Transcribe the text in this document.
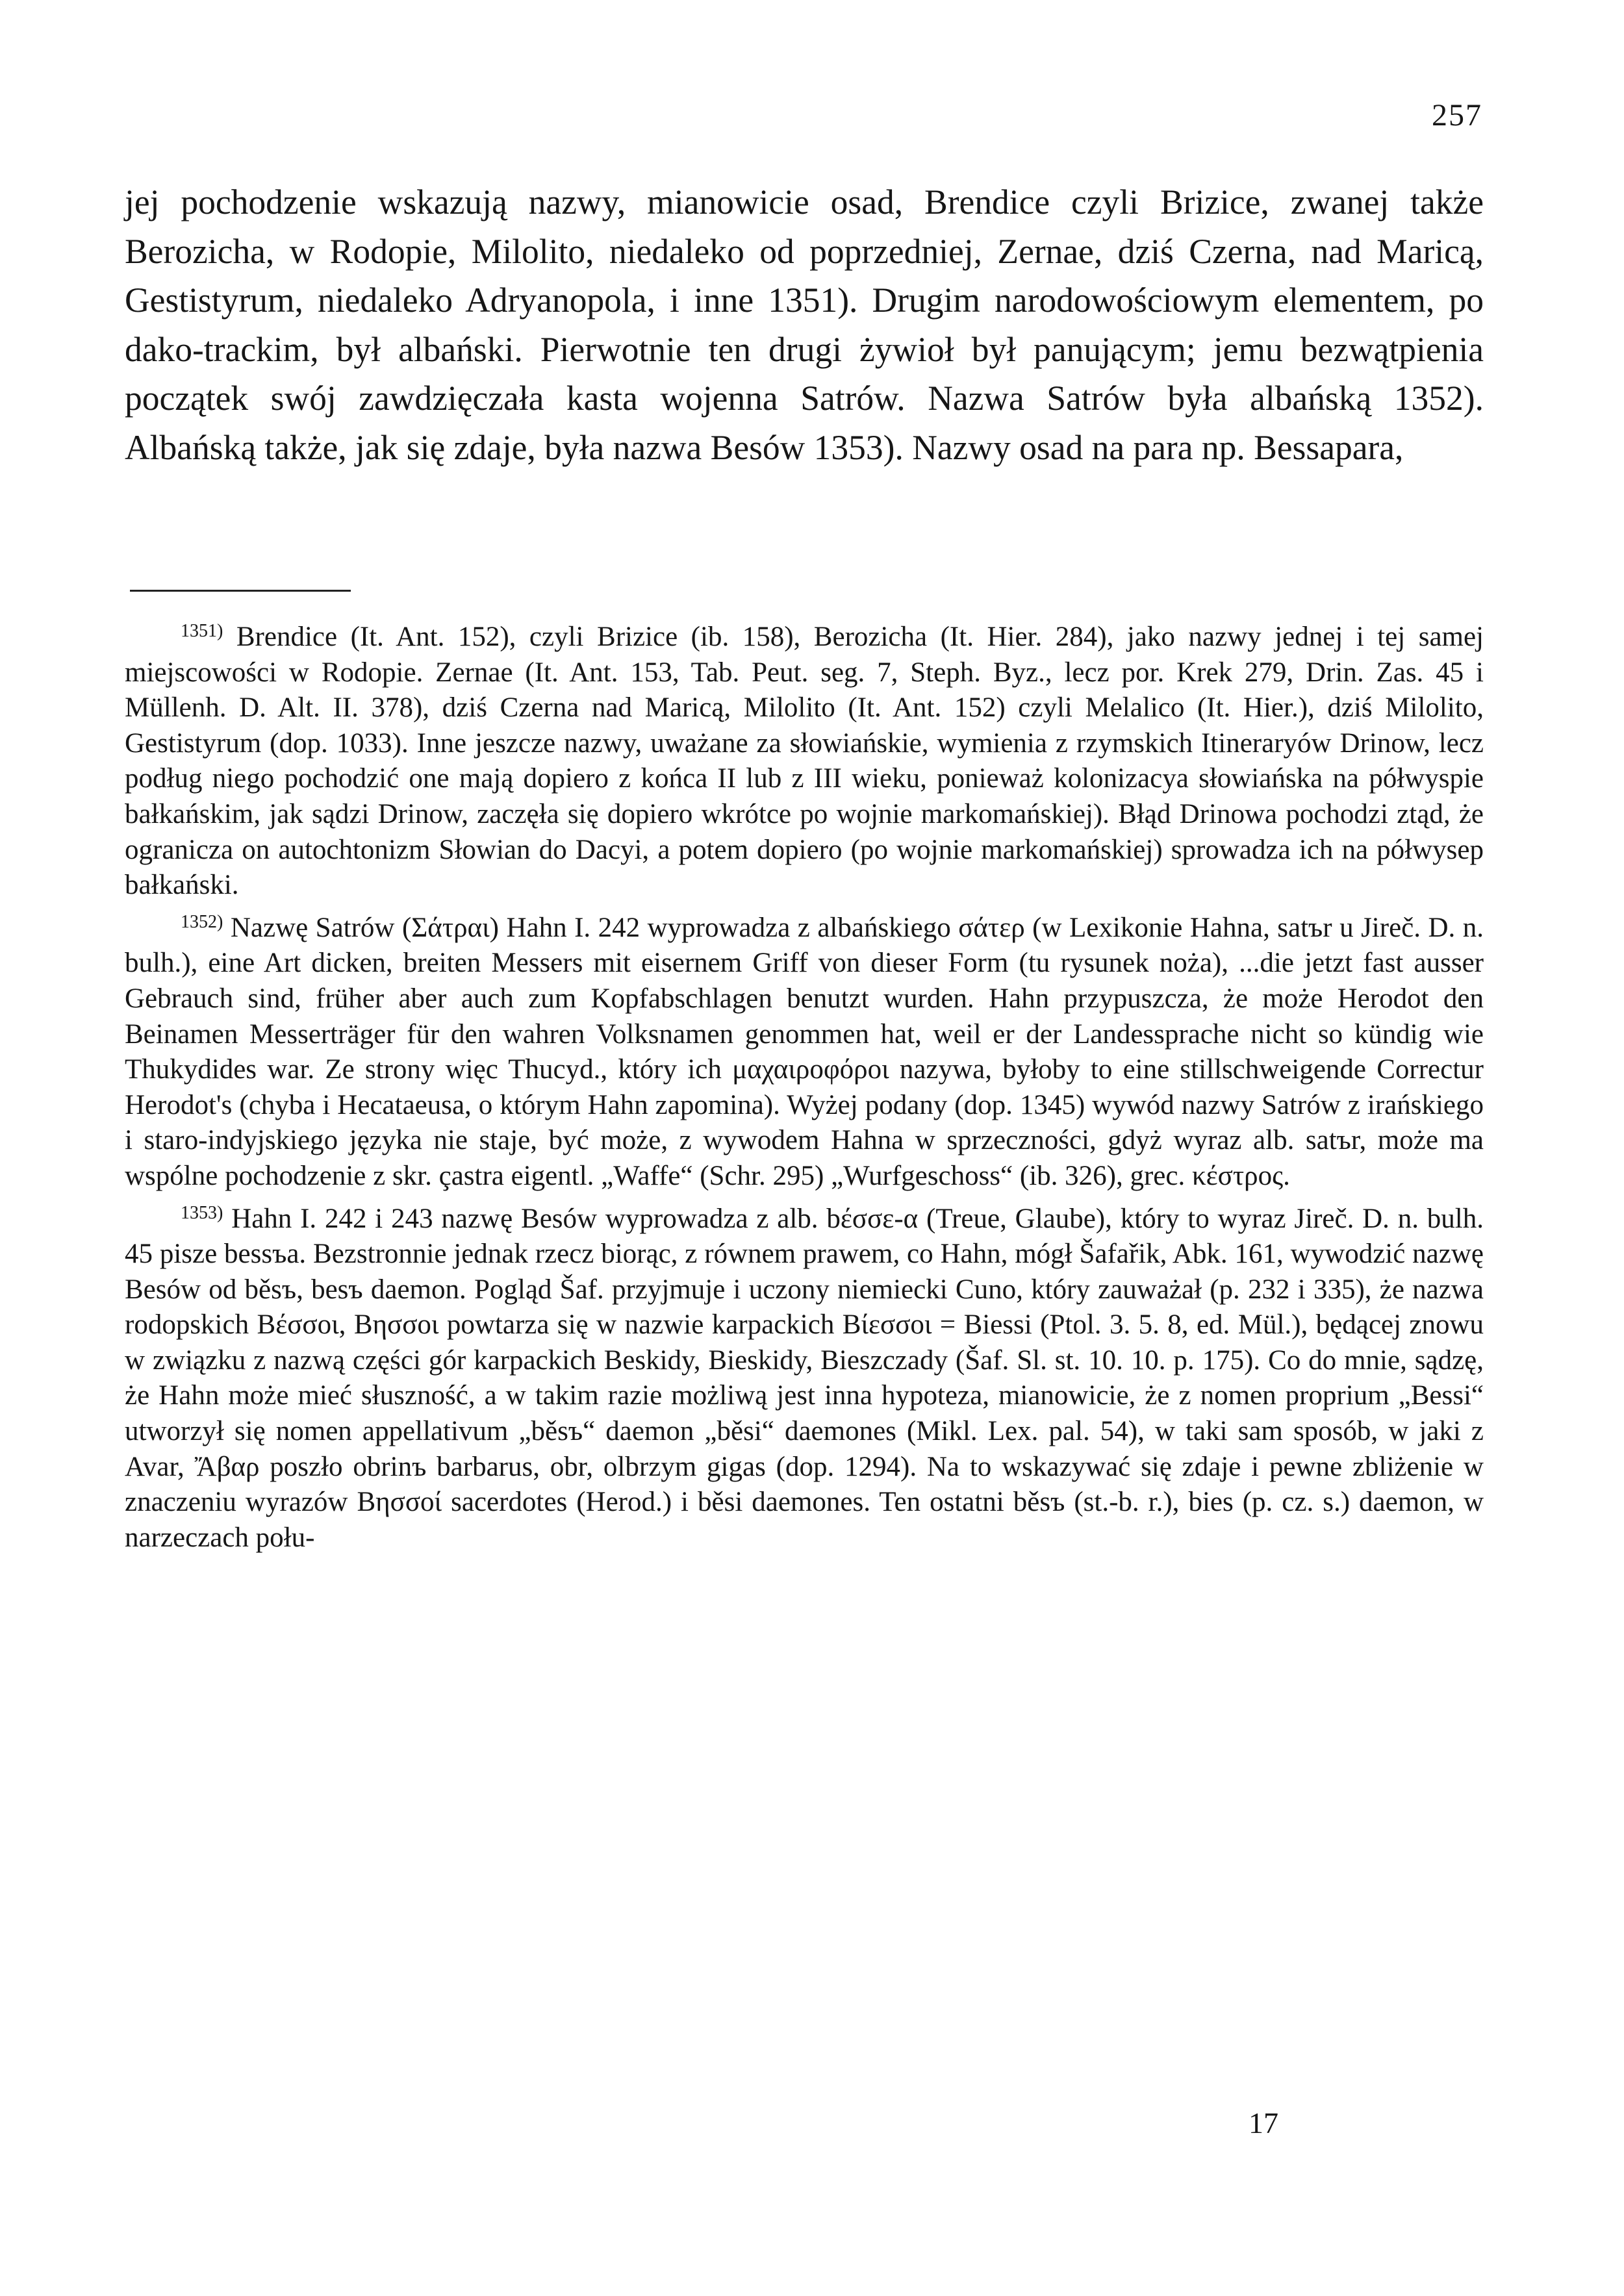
257

jej pochodzenie wskazują nazwy, mianowicie osad, Brendice czyli Brizice, zwanej także Berozicha, w Rodopie, Milolito, niedaleko od poprzedniej, Zernae, dziś Czerna, nad Maricą, Gestistyrum, niedaleko Adryanopola, i inne 1351). Drugim narodowościowym elementem, po dako-trackim, był albański. Pierwotnie ten drugi żywioł był panującym; jemu bezwątpienia początek swój zawdzięczała kasta wojenna Satrów. Nazwa Satrów była albańską 1352). Albańską także, jak się zdaje, była nazwa Besów 1353). Nazwy osad na para np. Bessapara,

$^{1351)}$ Brendice (It. Ant. 152), czyli Brizice (ib. 158), Berozicha (It. Hier. 284), jako nazwy jednej i tej samej miejscowości w Rodopie. Zernae (It. Ant. 153, Tab. Peut. seg. 7, Steph. Byz., lecz por. Krek 279, Drin. Zas. 45 i Müllenh. D. Alt. II. 378), dziś Czerna nad Maricą, Milolito (It. Ant. 152) czyli Melalico (It. Hier.), dziś Milolito, Gestistyrum (dop. 1033). Inne jeszcze nazwy, uważane za słowiańskie, wymienia z rzymskich Itineraryów Drinow, lecz podług niego pochodzić one mają dopiero z końca II lub z III wieku, ponieważ kolonizacya słowiańska na półwyspie bałkańskim, jak sądzi Drinow, zaczęła się dopiero wkrótce po wojnie markomańskiej). Błąd Drinowa pochodzi ztąd, że ogranicza on autochtonizm Słowian do Dacyi, a potem dopiero (po wojnie markomańskiej) sprowadza ich na półwysep bałkański.

$^{1352)}$ Nazwę Satrów (Σάτραι) Hahn I. 242 wyprowadza z albańskiego σάτερ (w Lexikonie Hahna, satъr u Jireč. D. n. bulh.), eine Art dicken, breiten Messers mit eisernem Griff von dieser Form (tu rysunek noża), ...die jetzt fast ausser Gebrauch sind, früher aber auch zum Kopfabschlagen benutzt wurden. Hahn przypuszcza, że może Herodot den Beinamen Messerträger für den wahren Volksnamen genommen hat, weil er der Landessprache nicht so kündig wie Thukydides war. Ze strony więc Thucyd., który ich μαχαιροφόροι nazywa, byłoby to eine stillschweigende Correctur Herodot's (chyba i Hecataeusa, o którym Hahn zapomina). Wyżej podany (dop. 1345) wywód nazwy Satrów z irańskiego i staro-indyjskiego języka nie staje, być może, z wywodem Hahna w sprzeczności, gdyż wyraz alb. satъr, może ma wspólne pochodzenie z skr. çastra eigentl. „Waffe“ (Schr. 295) „Wurfgeschoss“ (ib. 326), grec. κέστρος.

$^{1353)}$ Hahn I. 242 i 243 nazwę Besów wyprowadza z alb. bέσσε-α (Treue, Glaube), który to wyraz Jireč. D. n. bulh. 45 pisze bessъa. Bezstronnie jednak rzecz biorąc, z równem prawem, co Hahn, mógł Šafařik, Abk. 161, wywodzić nazwę Besów od běsъ, besъ daemon. Pogląd Šaf. przyjmuje i uczony niemiecki Cuno, który zauważał (p. 232 i 335), że nazwa rodopskich Βέσσοι, Βησσοι powtarza się w nazwie karpackich Βίεσσοι = Biessi (Ptol. 3. 5. 8, ed. Mül.), będącej znowu w związku z nazwą części gór karpackich Beskidy, Bieskidy, Bieszczady (Šaf. Sl. st. 10. 10. p. 175). Co do mnie, sądzę, że Hahn może mieć słuszność, a w takim razie możliwą jest inna hypoteza, mianowicie, że z nomen proprium „Bessi“ utworzył się nomen appellativum „běsъ“ daemon „běsi“ daemones (Mikl. Lex. pal. 54), w taki sam sposób, w jaki z Avar, Ἄβαρ poszło obrinъ barbarus, obr, olbrzym gigas (dop. 1294). Na to wskazywać się zdaje i pewne zbliżenie w znaczeniu wyrazów Βησσοί sacerdotes (Herod.) i běsi daemones. Ten ostatni běsъ (st.-b. r.), bies (p. cz. s.) daemon, w narzeczach połu-

17
